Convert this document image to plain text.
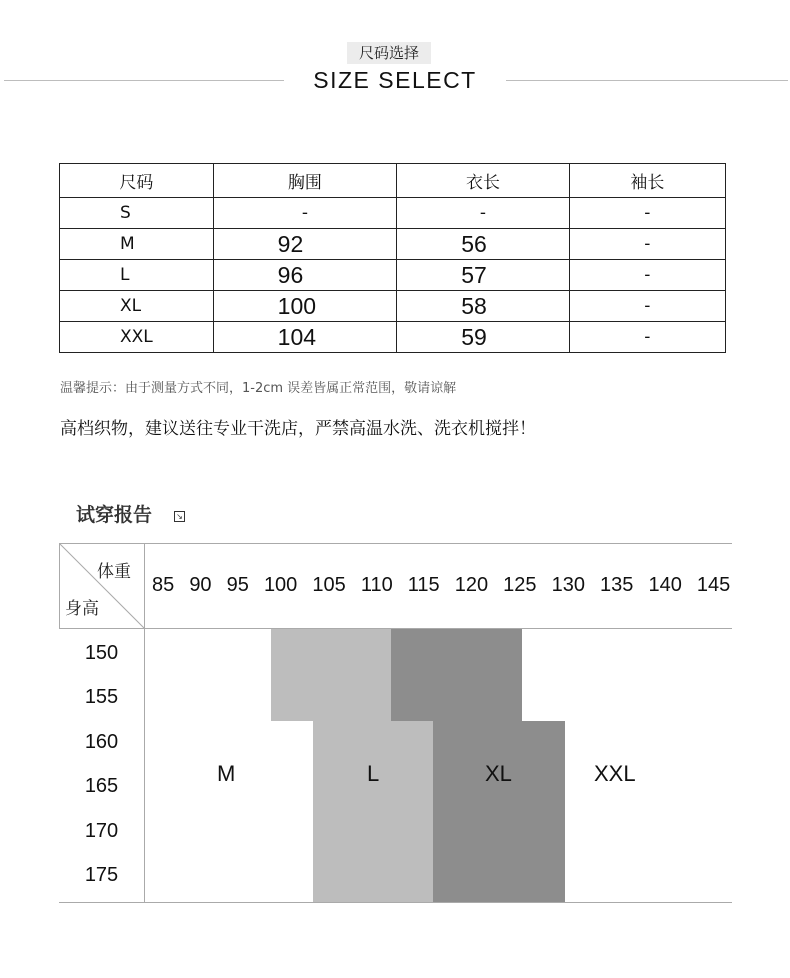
尺码选择
SIZE SELECT
尺码	胸围	衣长	袖长
S	-	-	-
M	92	56	-
L	96	57	-
XL	100	58	-
XXL	104	59	-
温馨提示：由于测量方式不同，1-2cm 误差皆属正常范围，敬请谅解
高档织物，建议送往专业干洗店，严禁高温水洗、洗衣机搅拌！
试穿报告	↘
体重
身高
85 90 95 100 105 110 115 120 125 130 135 140 145
150
155
160
165
170
175
M	L	XL	XXL
